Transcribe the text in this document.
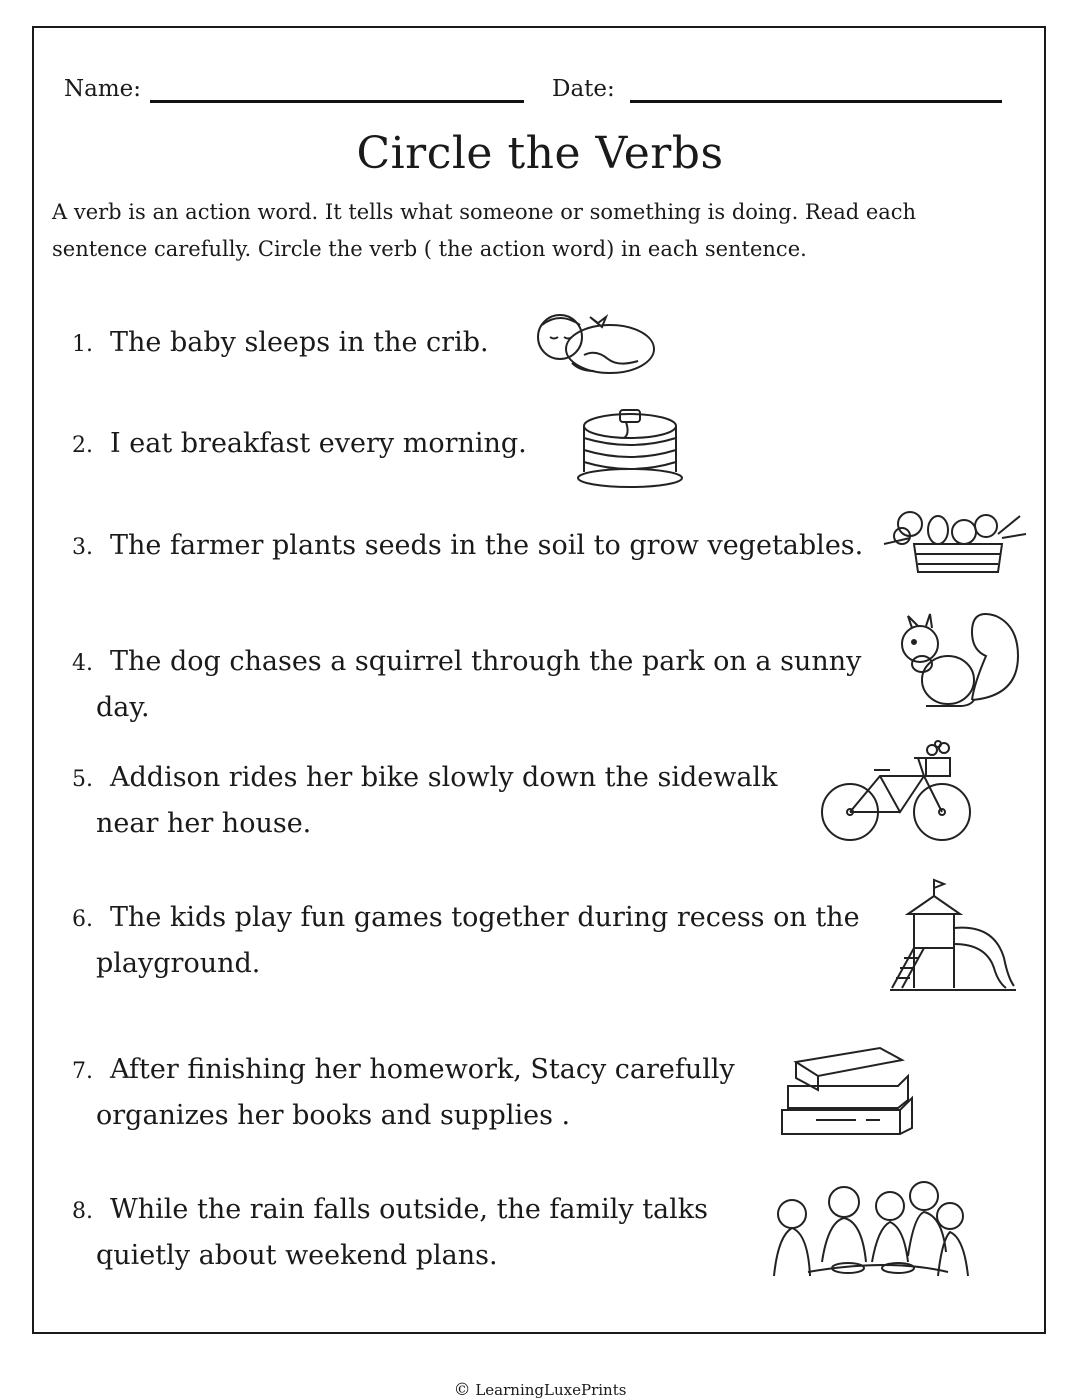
Name:	Date:
Circle the Verbs
A verb is an action word. It tells what someone or something is doing. Read each
sentence carefully. Circle the verb ( the action word) in each sentence.
1. The baby sleeps in the crib.
2. I eat breakfast every morning.
3. The farmer plants seeds in the soil to grow vegetables.
4. The dog chases a squirrel through the park on a sunny
day.
5. Addison rides her bike slowly down the sidewalk
near her house.
6. The kids play fun games together during recess on the
playground.
7. After finishing her homework, Stacy carefully
organizes her books and supplies .
8. While the rain falls outside, the family talks
quietly about weekend plans.
© LearningLuxePrints
